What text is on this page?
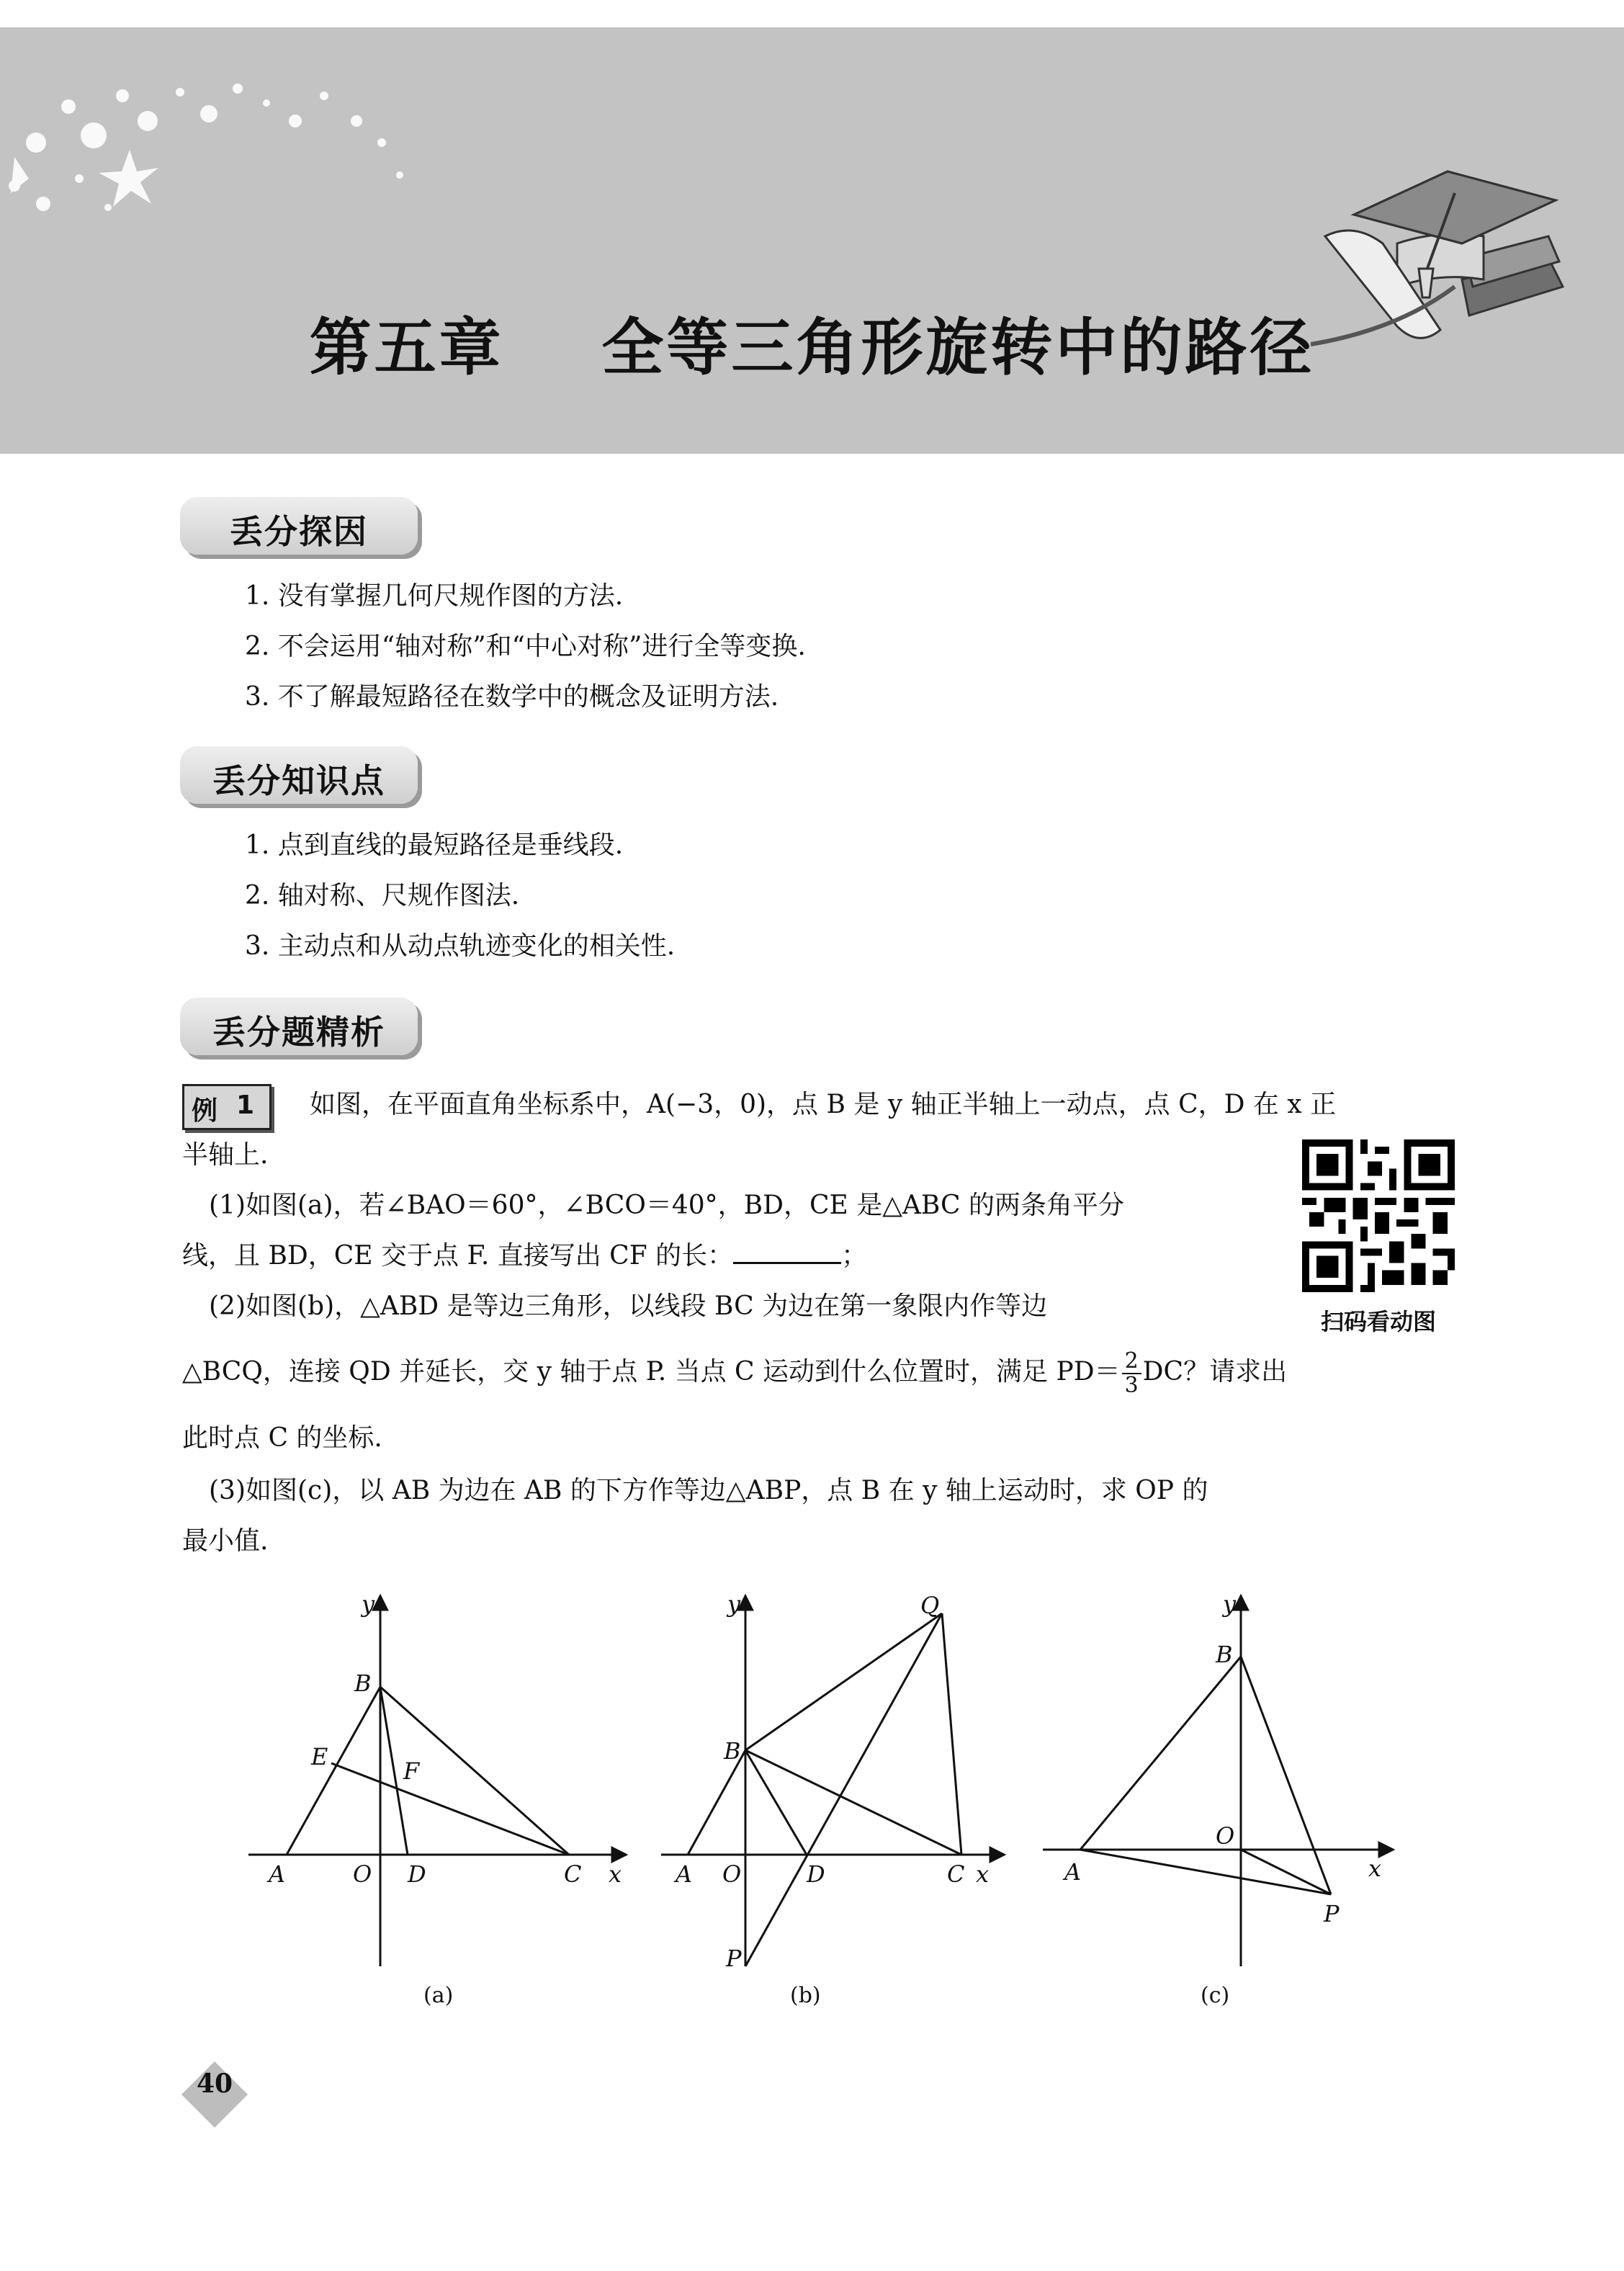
第五章    全等三角形旋转中的路径
丢分探因
1. 没有掌握几何尺规作图的方法.
2. 不会运用“轴对称”和“中心对称”进行全等变换.
3. 不了解最短路径在数学中的概念及证明方法.
丢分知识点
1. 点到直线的最短路径是垂线段.
2. 轴对称、尺规作图法.
3. 主动点和从动点轨迹变化的相关性.
丢分题精析
例 1 如图，在平面直角坐标系中，A(−3，0)，点 B 是 y 轴正半轴上一动点，点 C，D 在 x 正
半轴上.
扫码看动图
(1)如图(a)，若∠BAO＝60°，∠BCO＝40°，BD，CE 是△ABC 的两条角平分
线，且 BD，CE 交于点 F. 直接写出 CF 的长：	；
(2)如图(b)，△ABD 是等边三角形，以线段 BC 为边在第一象限内作等边
△BCQ，连接 QD 并延长，交 y 轴于点 P. 当点 C 运动到什么位置时，满足 $PD= \frac{2}{3}$ DC？请求出
此时点 C 的坐标.
(3)如图(c)，以 AB 为边在 AB 的下方作等边△ABP，点 B 在 y 轴上运动时，求 OP 的
最小值.
A	O D	C
B
E
F
x
y
(a)
A O	D	C
B
Q
P
x
y
(b)
A
O
B
P
x
y
(c)
40
